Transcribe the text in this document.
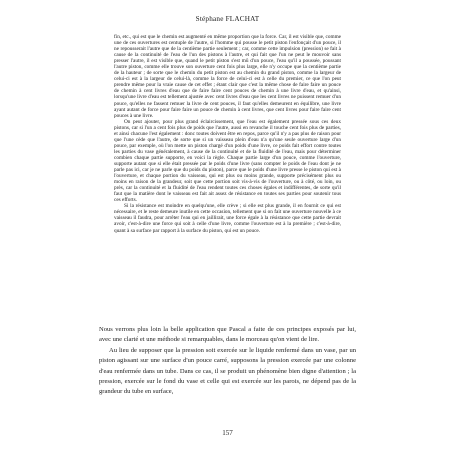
Stéphane FLACHAT

fin, etc., qui est que le chemin est augmenté en même proportion que la force. Car, il est visible que, comme une de ces ouvertures est centuple de l'autre, si l'homme qui pousse le petit piston l'enfonçait d'un pouce, il ne repousserait l'autre que de la centième partie seulement ; car, comme cette impulsion (pression) se fait à cause de la continuité de l'eau de l'un des pistons à l'autre, et qui fait que l'un ne peut le mouvoir sans presser l'autre, il est visible que, quand le petit piston s'est mû d'un pouce, l'eau qu'il a poussée, poussant l'autre piston, comme elle trouve son ouverture cent fois plus large, elle n'y occupe que la centième partie de la hauteur ; de sorte que le chemin du petit piston est au chemin du grand piston, comme la largeur de celui-ci est à la largeur de celui-là, comme la force de celui-ci est à celle du premier, ce que l'on peut prendre même pour la vraie cause de cet effet ; étant clair que c'est la même chose de faire faire un pouce de chemin à cent livres d'eau que de faire faire cent pouces de chemin à une livre d'eau, et qu'ainsi, lorsqu'une livre d'eau est tellement ajustée avec cent livres d'eau que les cent livres ne puissent remuer d'un pouce, qu'elles ne fassent remuer la livre de cent pouces, il faut qu'elles demeurent en équilibre, une livre ayant autant de force pour faire faire un pouce de chemin à cent livres, que cent livres pour faire faire cent pouces à une livre.

On peut ajouter, pour plus grand éclaircissement, que l'eau est également pressée sous ces deux pistons, car si l'un a cent fois plus de poids que l'autre, aussi en revanche il touche cent fois plus de parties, et ainsi chacune l'est également : donc toutes doivent être en repos, parce qu'il n'y a pas plus de raison pour que l'une cède que l'autre, de sorte que si un vaisseau plein d'eau n'a qu'une seule ouverture large d'un pouce, par exemple, où l'on mette un piston chargé d'un poids d'une livre, ce poids fait effort contre toutes les parties du vase généralement, à cause de la continuité et de la fluidité de l'eau, mais pour déterminer combien chaque partie supporte, en voici la règle. Chaque partie large d'un pouce, comme l'ouverture, supporte autant que si elle était pressée par le poids d'une livre (sans compter le poids de l'eau dont je ne parle pas ici, car je ne parle que du poids du piston), parce que le poids d'une livre presse le piston qui est à l'ouverture, et chaque portion du vaisseau, qui est plus ou moins grande, supporte précisément plus ou moins en raison de la grandeur, soit que cette portion soit vis-à-vis de l'ouverture, ou à côté, ou loin, ou près, car la continuité et la fluidité de l'eau rendent toutes ces choses égales et indifférentes, de sorte qu'il faut que la matière dont le vaisseau est fait ait assez de résistance en toutes ses parties pour soutenir tous ces efforts.

Si la résistance est moindre en quelqu'une, elle crève ; si elle est plus grande, il en fournit ce qui est nécessaire, et le reste demeure inutile en cette occasion, tellement que si on fait une ouverture nouvelle à ce vaisseau il faudra, pour arrêter l'eau qui en jaillirait, une force égale à la résistance que cette partie devrait avoir, c'est-à-dire une force qui soit à celle d'une livre, comme l'ouverture est à la première ; c'est-à-dire, quant à sa surface par rapport à la surface du piston, qui est un pouce.

Nous verrons plus loin la belle application que Pascal a faite de ces principes exposés par lui, avec une clarté et une méthode si remarquables, dans le morceau qu'on vient de lire.

Au lieu de supposer que la pression soit exercée sur le liquide renfermé dans un vase, par un piston agissant sur une surface d'un pouce carré, supposons la pression exercée par une colonne d'eau renfermée dans un tube. Dans ce cas, il se produit un phénomène bien digne d'attention ; la pression, exercée sur le fond du vase et celle qui est exercée sur les parois, ne dépend pas de la grandeur du tube en surface,

157
